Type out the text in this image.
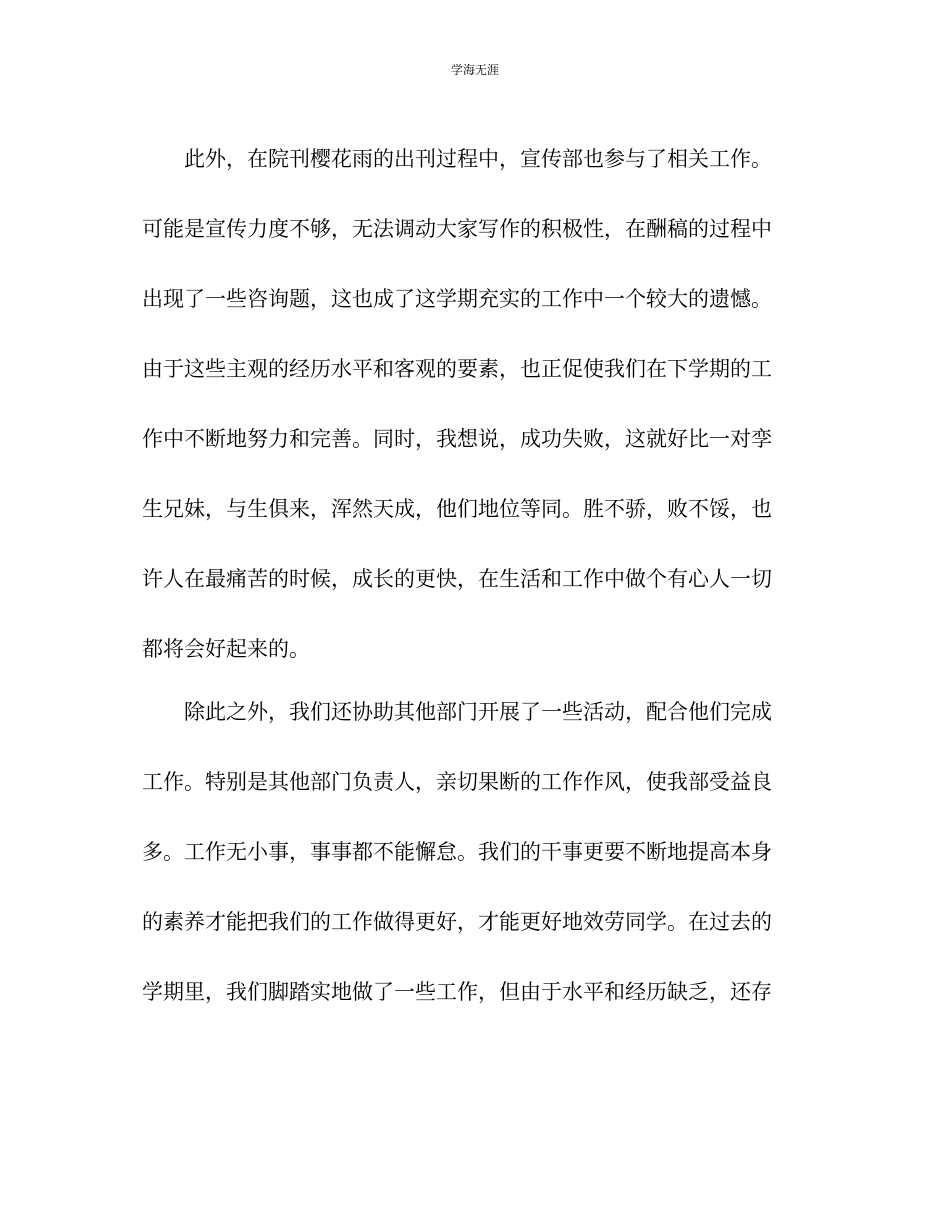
学海无涯
此外，在院刊樱花雨的出刊过程中，宣传部也参与了相关工作。
可能是宣传力度不够，无法调动大家写作的积极性，在酬稿的过程中
出现了一些咨询题，这也成了这学期充实的工作中一个较大的遗憾。
由于这些主观的经历水平和客观的要素，也正促使我们在下学期的工
作中不断地努力和完善。同时，我想说，成功失败，这就好比一对孪
生兄妹，与生俱来，浑然天成，他们地位等同。胜不骄，败不馁，也
许人在最痛苦的时候，成长的更快，在生活和工作中做个有心人一切
都将会好起来的。
除此之外，我们还协助其他部门开展了一些活动，配合他们完成
工作。特别是其他部门负责人，亲切果断的工作作风，使我部受益良
多。工作无小事，事事都不能懈怠。我们的干事更要不断地提高本身
的素养才能把我们的工作做得更好，才能更好地效劳同学。在过去的
学期里，我们脚踏实地做了一些工作，但由于水平和经历缺乏，还存
